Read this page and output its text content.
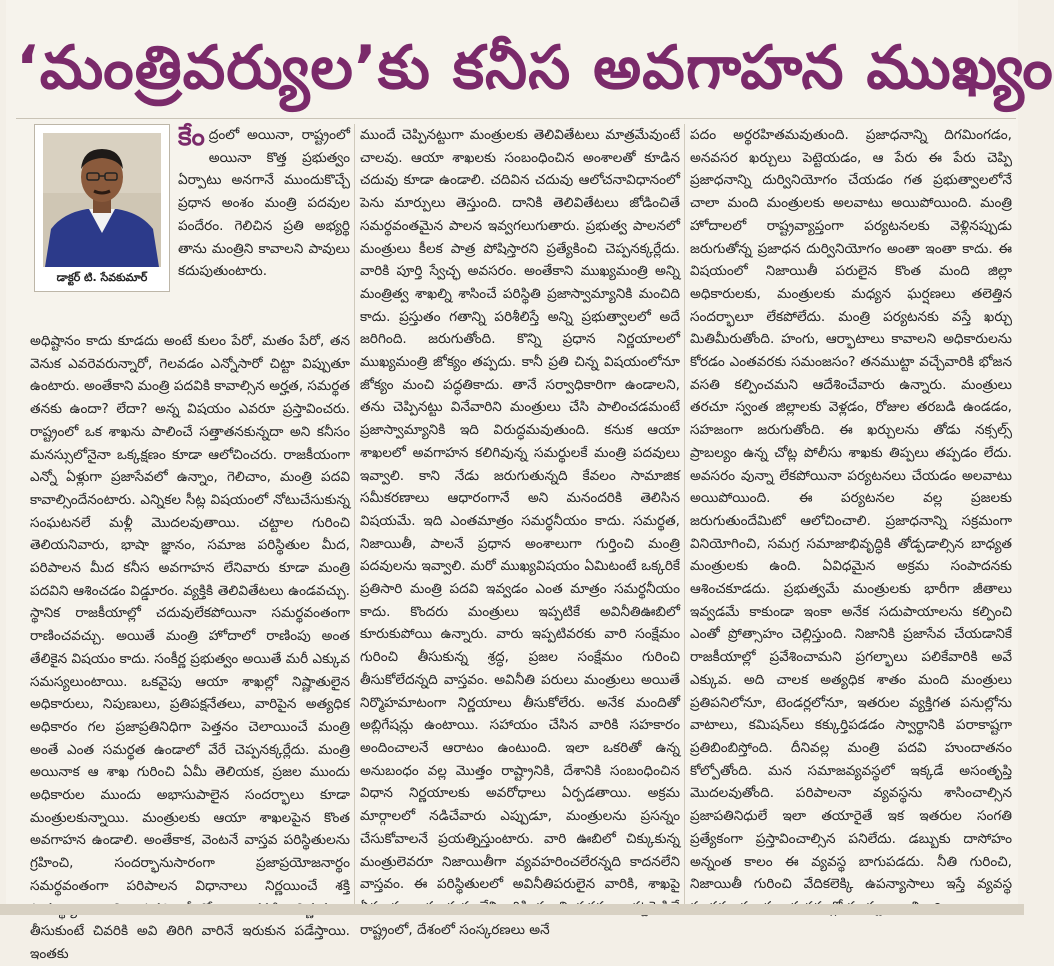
‘మంత్రివర్యుల’కు కనీస అవగాహన ముఖ్యం
డాక్టర్ టి. సేవకుమార్
కేం ద్రంలో అయినా, రాష్ట్రంలో అయినా కొత్త ప్రభుత్వం ఏర్పాటు అనగానే ముందుకొచ్చే ప్రధాన అంశం మంత్రి పదవుల పందేరం. గెలిచిన ప్రతి అభ్యర్థి తాను మంత్రిని కావాలని పావులు కదుపుతుంటారు.

అధిష్టానం కాదు కూడదు అంటే కులం పేరో, మతం పేరో, తన వెనుక ఎవరెవరున్నారో, గెలవడం ఎన్నోసారో చిట్టా విప్పుతూ ఉంటారు. అంతేకాని మంత్రి పదవికి కావాల్సిన అర్హత, సమర్థత తనకు ఉందా? లేదా? అన్న విషయం ఎవరూ ప్రస్తావించరు. రాష్ట్రంలో ఒక శాఖను పాలించే సత్తాతనకున్నదా అని కనీసం మనస్సులోనైనా ఒక్కక్షణం కూడా ఆలోచించరు. రాజకీయంగా ఎన్నో ఏళ్లుగా ప్రజాసేవలో ఉన్నాం, గెలిచాం, మంత్రి పదవి కావాల్సిందేనంటారు. ఎన్నికల సీట్ల విషయంలో నోటుచేసుకున్న సంఘటనలే మళ్లీ మొదలవుతాయి. చట్టాల గురించి తెలియనివారు, భాషా జ్ఞానం, సమాజ పరిస్థితుల మీద, పరిపాలన మీద కనీస అవగాహన లేనివారు కూడా మంత్రి పదవిని ఆశించడం విడ్డూరం. వ్యక్తికి తెలివితేటలు ఉండవచ్చు. స్థానిక రాజకీయాల్లో చదువులేకపోయినా సమర్థవంతంగా రాణించవచ్చు. అయితే మంత్రి హోదాలో రాణింపు అంత తేలికైన విషయం కాదు. సంకీర్ణ ప్రభుత్వం అయితే మరీ ఎక్కువ సమస్యలుంటాయి. ఒకవైపు ఆయా శాఖల్లో నిష్ణాతులైన అధికారులు, నిపుణులు, ప్రతిపక్షనేతలు, వారిపైన అత్యధిక అధికారం గల ప్రజాప్రతినిధిగా పెత్తనం చెలాయించే మంత్రి అంతే ఎంత సమర్థత ఉండాలో వేరే చెప్పనక్కర్లేదు. మంత్రి అయినాక ఆ శాఖ గురించి ఏమీ తెలియక, ప్రజల ముందు అధికారుల ముందు అభాసుపాలైన సందర్భాలు కూడా మంత్రులకున్నాయి. మంత్రులకు ఆయా శాఖలపైన కొంత అవగాహన ఉండాలి. అంతేకాక, వెంటనే వాస్తవ పరిస్థితులను గ్రహించి, సందర్భానుసారంగా ప్రజాప్రయోజనార్థం సమర్థవంతంగా పరిపాలన విధానాలు నిర్ణయించే శక్తి తీసుకుంటే చివరికి అవి తిరిగి వారినే ఇరుకున పడేస్తాయి. ఇంతకు

ముందే చెప్పినట్టుగా మంత్రులకు తెలివితేటలు మాత్రమేవుంటే చాలవు. ఆయా శాఖలకు సంబంధించిన అంశాలతో కూడిన చదువు కూడా ఉండాలి. చదివిన చదువు ఆలోచనావిధానంలో పెను మార్పులు తెస్తుంది. దానికి తెలివితేటలు జోడించితే సమర్థవంతమైన పాలన ఇవ్వగలుగుతారు. ప్రభుత్వ పాలనలో మంత్రులు కీలక పాత్ర పోషిస్తారని ప్రత్యేకించి చెప్పనక్కర్లేదు. వారికి పూర్తి స్వేచ్ఛ అవసరం. అంతేకాని ముఖ్యమంత్రి అన్ని మంత్రిత్వ శాఖల్ని శాసించే పరిస్థితి ప్రజాస్వామ్యానికి మంచిది కాదు. ప్రస్తుతం గతాన్ని పరిశీలిస్తే అన్ని ప్రభుత్వాలలో అదే జరిగింది. జరుగుతోంది. కొన్ని ప్రధాన నిర్ణయాలలో ముఖ్యమంత్రి జోక్యం తప్పదు. కానీ ప్రతి చిన్న విషయంలోనూ జోక్యం మంచి పద్ధతికాదు. తానే సర్వాధికారిగా ఉండాలని, తను చెప్పినట్టు వినేవారిని మంత్రులు చేసి పాలించడమంటే ప్రజాస్వామ్యానికి ఇది విరుద్ధమవుతుంది. కనుక ఆయా శాఖలలో అవగాహన కలిగివున్న సమర్థులకే మంత్రి పదవులు ఇవ్వాలి. కాని నేడు జరుగుతున్నది కేవలం సామాజిక సమీకరణాలు ఆధారంగానే అని మనందరికి తెలిసిన విషయమే. ఇది ఎంతమాత్రం సమర్థనీయం కాదు. సమర్థత, నిజాయితీ, పాలనే ప్రధాన అంశాలుగా గుర్తించి మంత్రి పదవులను ఇవ్వాలి. మరో ముఖ్యవిషయం ఏమిటంటే ఒక్కరికే ప్రతిసారి మంత్రి పదవి ఇవ్వడం ఎంత మాత్రం సమర్థనీయం కాదు. కొందరు మంత్రులు ఇప్పటికే అవినీతిఊబిలో కూరుకుపోయి ఉన్నారు. వారు ఇప్పటివరకు వారి సంక్షేమం గురించి తీసుకున్న శ్రద్ధ, ప్రజల సంక్షేమం గురించి తీసుకోలేదన్నది వాస్తవం. అవినీతి పరులు మంత్రులు అయితే నిర్మొహమాటంగా నిర్ణయాలు తీసుకోలేరు. అనేక మందితో అబ్లిగేషన్లు ఉంటాయి. సహాయం చేసిన వారికి సహకారం అందించాలనే ఆరాటం ఉంటుంది. ఇలా ఒకరితో ఉన్న అనుబంధం వల్ల మొత్తం రాష్ట్రానికి, దేశానికి సంబంధించిన విధాన నిర్ణయాలకు అవరోధాలు ఏర్పడతాయి. అక్రమ మార్గాలలో నడిచేవారు ఎప్పుడూ, మంత్రులను ప్రసన్నం చేసుకోవాలనే ప్రయత్నిస్తుంటారు. వారి ఊబిలో చిక్కుకున్న మంత్రులెవరూ నిజాయితీగా వ్యవహరించలేరన్నది కాదనలేని వాస్తవం. ఈ పరిస్థితులలో అవినీతిపరులైన వారికి, శాఖపై రాష్ట్రంలో, దేశంలో సంస్కరణలు అనే

పదం అర్థరహితమవుతుంది. ప్రజాధనాన్ని దిగమింగడం, అనవసర ఖర్చులు పెట్టెయడం, ఆ పేరు ఈ పేరు చెప్పి ప్రజాధనాన్ని దుర్వినియోగం చేయడం గత ప్రభుత్వాలలోనే చాలా మంది మంత్రులకు అలవాటు అయిపోయింది. మంత్రి హోదాలలో రాష్ట్రవ్యాప్తంగా పర్యటనలకు వెళ్లినప్పుడు జరుగుతోన్న ప్రజాధన దుర్వినియోగం అంతా ఇంతా కాదు. ఈ విషయంలో నిజాయితీ పరులైన కొంత మంది జిల్లా అధికారులకు, మంత్రులకు మధ్యన ఘర్షణలు తలెత్తిన సందర్భాలూ లేకపోలేదు. మంత్రి పర్యటనకు వస్తే ఖర్చు మితిమీరుతోంది. హంగు, ఆర్భాటాలు కావాలని అధికారులను కోరడం ఎంతవరకు సమంజసం? తనముట్టా వచ్చేవారికి భోజన వసతి కల్పించమని ఆదేశించేవారు ఉన్నారు. మంత్రులు తరచూ స్వంత జిల్లాలకు వెళ్లడం, రోజుల తరబడి ఉండడం, సహజంగా జరుగుతోంది. ఈ ఖర్చులను తోడు నక్సల్స్ ప్రాబల్యం ఉన్న చోట్ల పోలీసు శాఖకు తిప్పలు తప్పడం లేదు. అవసరం వున్నా లేకపోయినా పర్యటనలు చేయడం అలవాటు అయిపోయింది. ఈ పర్యటనల వల్ల ప్రజలకు జరుగుతుందేమిటో ఆలోచించాలి. ప్రజాధనాన్ని సక్రమంగా వినియోగించి, సమగ్ర సమాజాభివృద్ధికి తోడ్పడాల్సిన బాధ్యత మంత్రులకు ఉంది. ఏవిధమైన అక్రమ సంపాదనకు ఆశించకూడదు. ప్రభుత్వమే మంత్రులకు భారీగా జీతాలు ఇవ్వడమే కాకుండా ఇంకా అనేక సదుపాయాలను కల్పించి ఎంతో ప్రోత్సాహం చెల్లిస్తుంది. నిజానికి ప్రజాసేవ చేయడానికే రాజకీయాల్లో ప్రవేశించామని ప్రగల్భాలు పలికేవారికి అవే ఎక్కువ. అది చాలక అత్యధిక శాతం మంది మంత్రులు ప్రతిపనిలోనూ, టెండర్లలోనూ, ఇతరుల వ్యక్తిగత పనుల్లోను వాటాలు, కమిషన్‌లు కక్కుర్తిపడడం స్వార్థానికి పరాకాష్టగా ప్రతిబింబిస్తోంది. దీనివల్ల మంత్రి పదవి హుందాతనం కోల్పోతోంది. మన సమాజవ్యవస్థలో ఇక్కడే అసంతృప్తి మొదలవుతోంది. పరిపాలనా వ్యవస్థను శాసించాల్సిన ప్రజాపతినిధులే ఇలా తయారైతే ఇక ఇతరుల సంగతి ప్రత్యేకంగా ప్రస్తావించాల్సిన పనిలేదు. డబ్బుకు దాసోహం అన్నంత కాలం ఈ వ్యవస్థ బాగుపడదు. నీతి గురించి, నిజాయితీ గురించి వేదికలెక్కి ఉపన్యాసాలు ఇస్తే వ్యవస్థ
